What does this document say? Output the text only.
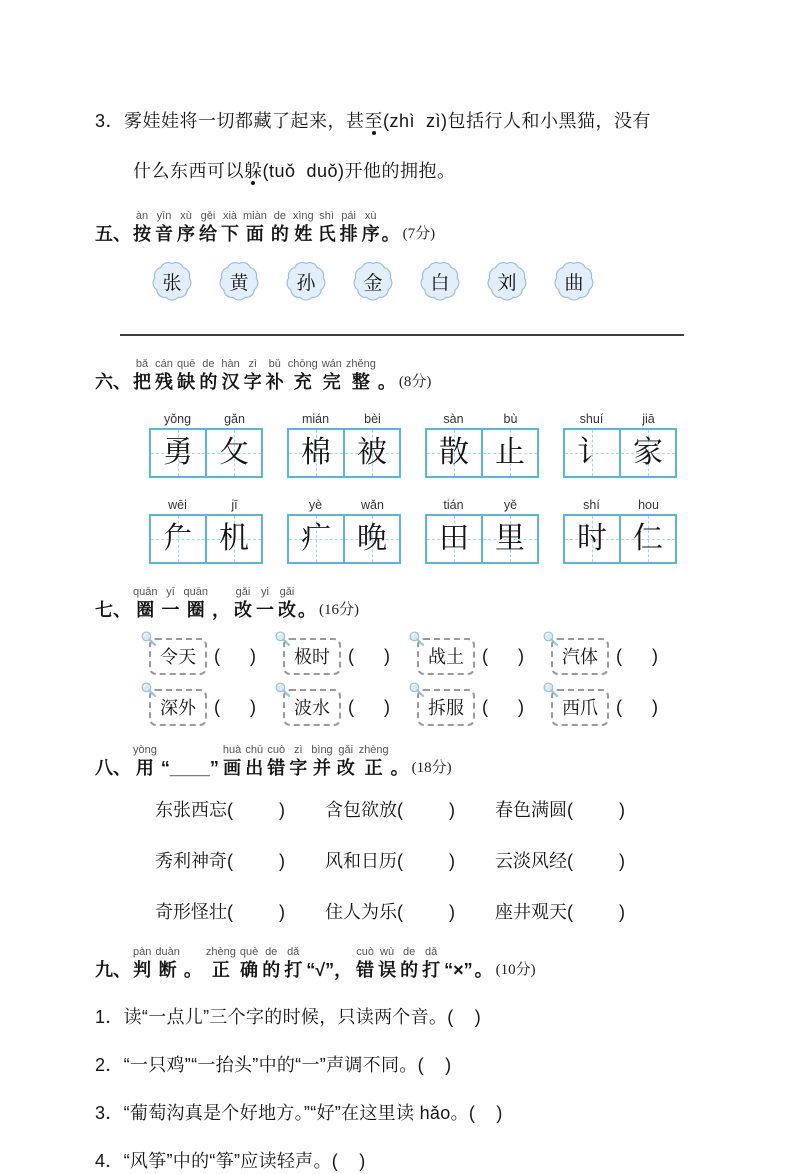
3．雾娃娃将一切都藏了起来，甚至(zhì  zì)包括行人和小黑猫，没有
什么东西可以躲(tuǒ  duǒ)开他的拥抱。
五、
àn
按
yīn
音
xù
序
gěi
给
xià
下
miàn
面
de
的
xìng
姓
shì
氏
pái
排
xù
序 。 (7分)
张	黄	孙	金	白	刘	曲
六、
bǎ
把
cán
残
quē
缺
de
的
hàn
汉
zì
字
bǔ
补
chōng
充
wán
完
zhěng
整 。 (8分)
yǒng	gǎn
勇 攵
mián	bèi
棉 被
sàn	bù
散 止
shuí	jiā
讠 家
wēi	jī
厃 机
yè	wǎn
疒 晚
tián	yě
田 里
shí	hou
时 仁
七、
quān
圈
yī
一
quān
圈
，
gǎi
改
yi
一
gǎi
改 。 (16分)
令天	( )	极时	( )	战土	( )	汽体	( )
深外	( )	波水	( )	拆服	( )	西爪	( )
八、
yòng
用
“____”
huà
画
chū
出
cuò
错
zì
字
bìng
并
gǎi
改
zhèng
正 。 (18分)
东张西忘(	) 含包欲放(	) 春色满圆(	)
秀利神奇(	) 风和日历(	) 云淡风经(	)
奇形怪壮(	) 住人为乐(	) 座井观天(	)
九、
pàn
判
duàn
断
。
zhèng
正
què
确
de
的
dǎ
打
“√”，
cuò
错
wù
误
de
的
dǎ
打
“×” 。 (10分)
1．读“一点儿”三个字的时候，只读两个音。(    )
2．“一只鸡”“一抬头”中的“一”声调不同。(    )
3．“葡萄沟真是个好地方。”“好”在这里读 hǎo。(    )
4．“风筝”中的“筝”应读轻声。(    )
